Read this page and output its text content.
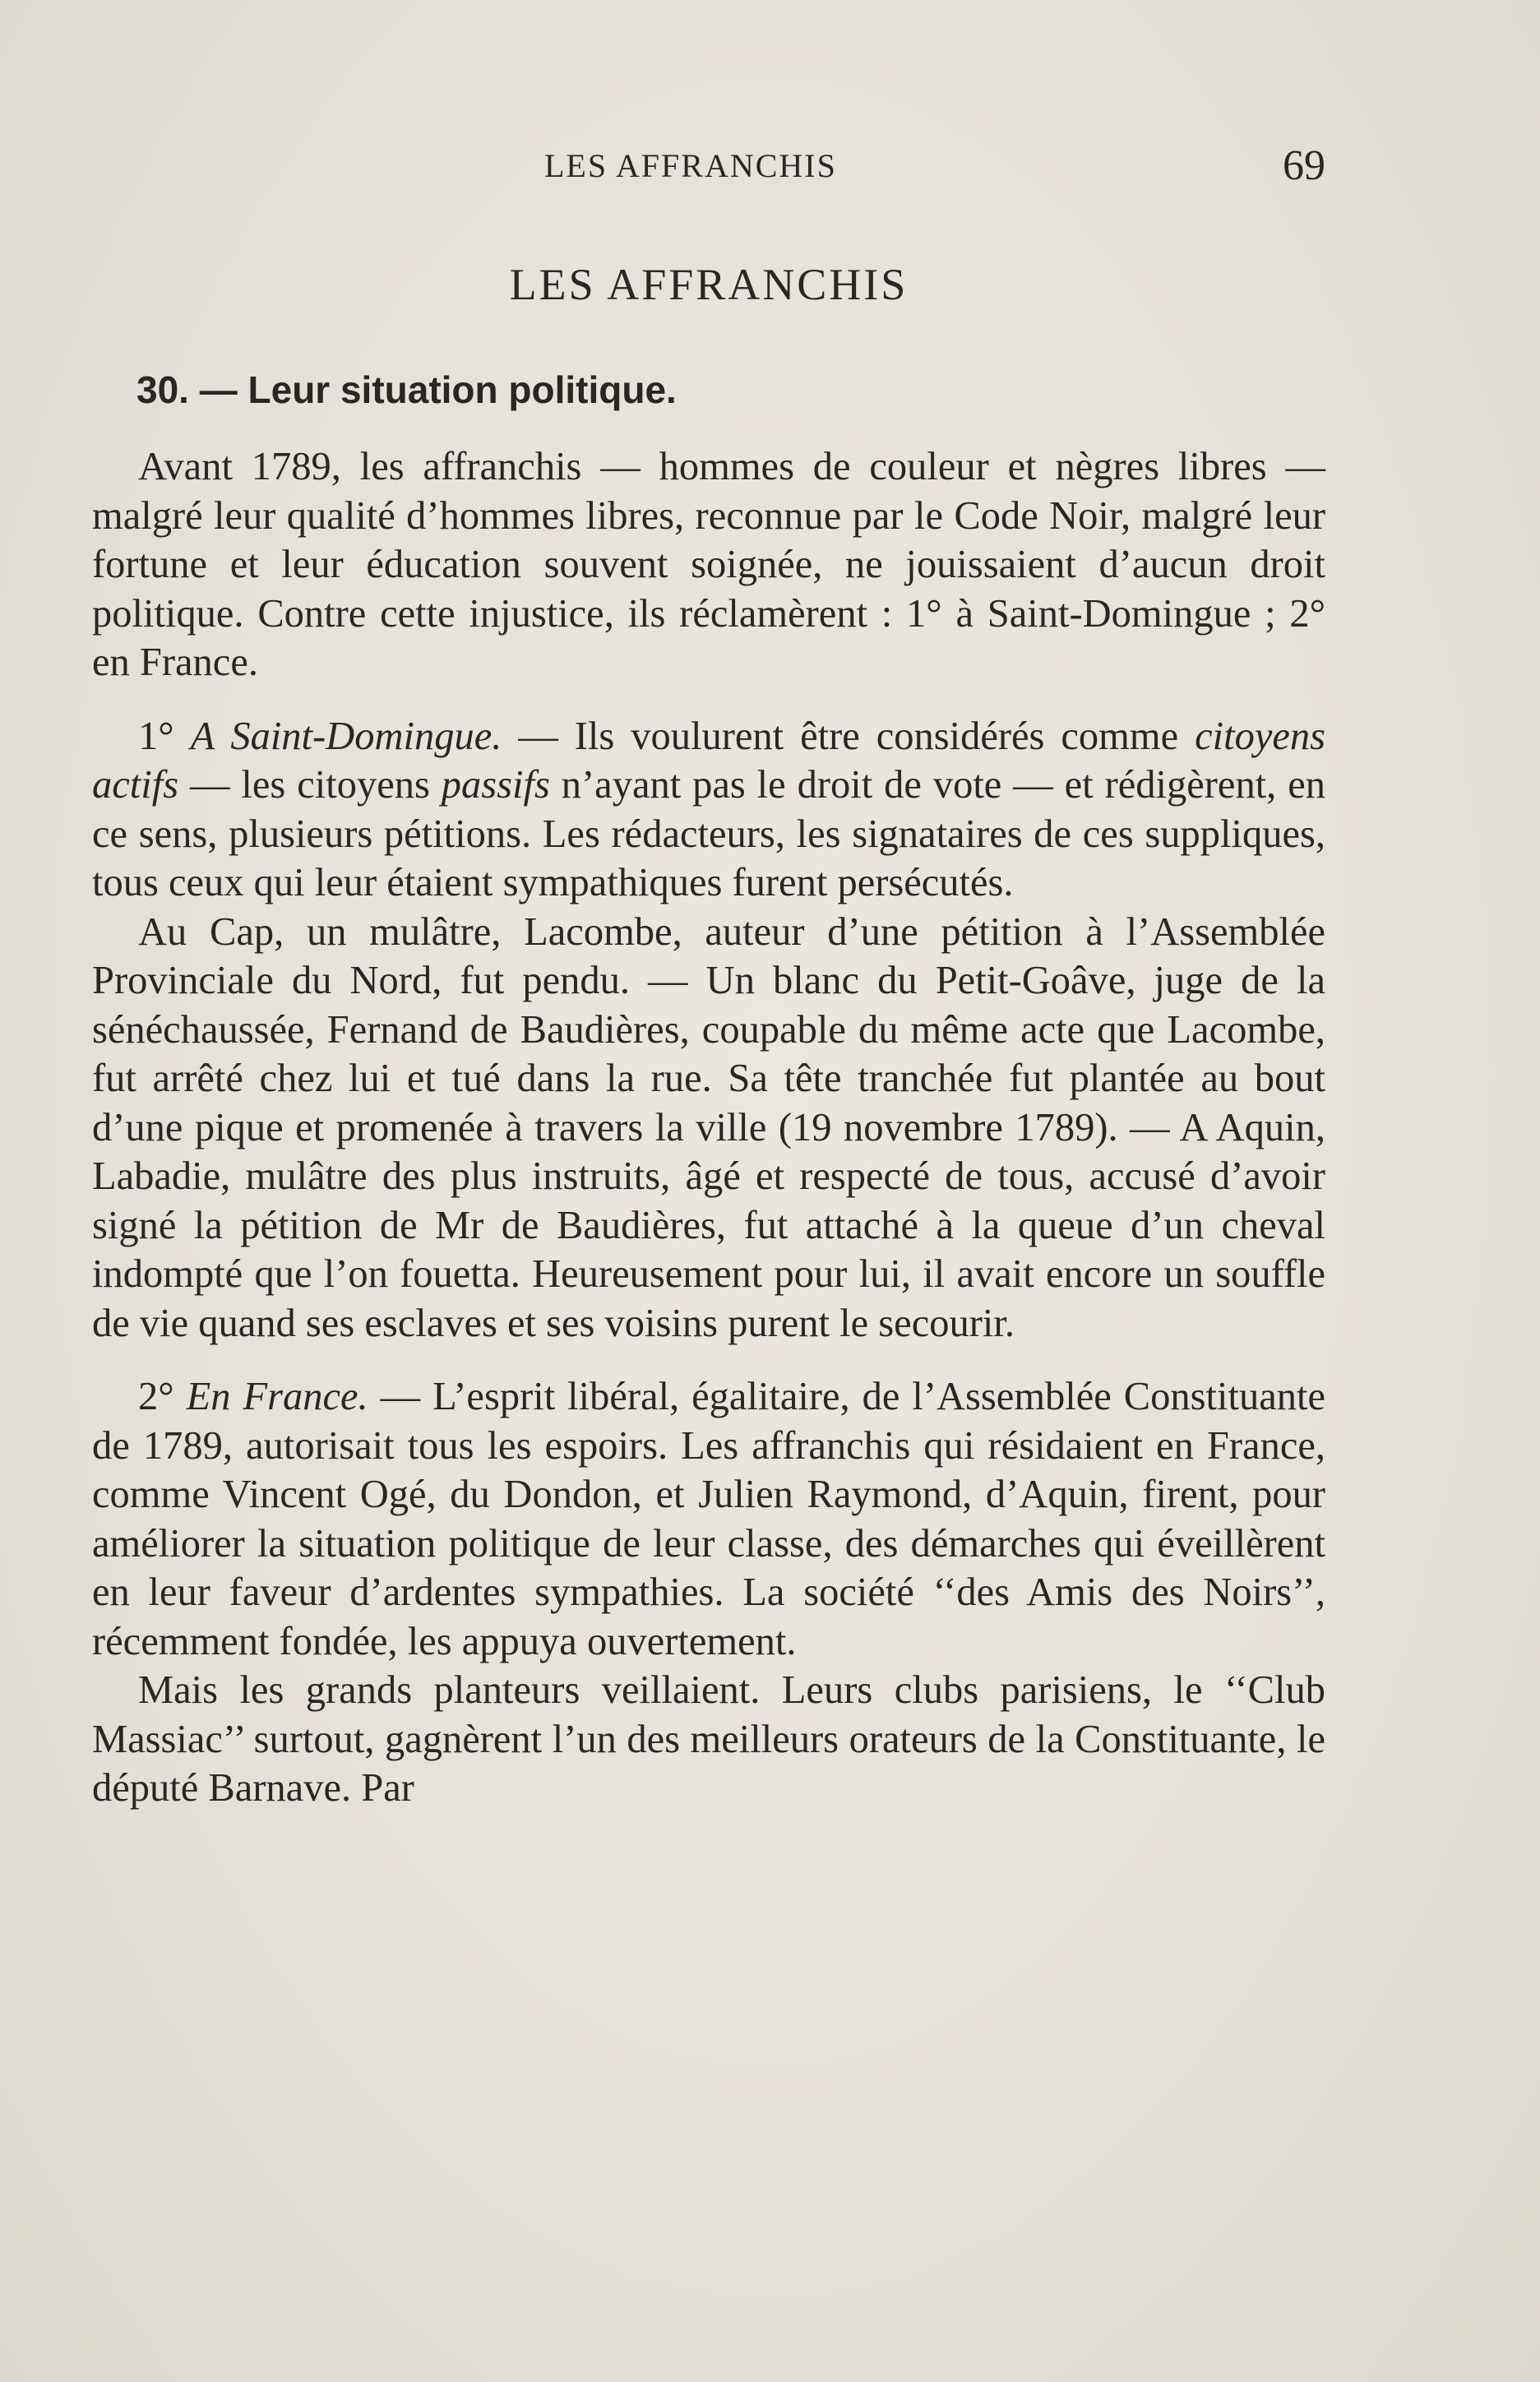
LES AFFRANCHIS	69
LES AFFRANCHIS
30. — Leur situation politique.

Avant 1789, les affranchis — hommes de couleur et nègres libres — malgré leur qualité d’hommes libres, reconnue par le Code Noir, malgré leur fortune et leur éducation souvent soignée, ne jouissaient d’aucun droit politique. Contre cette injustice, ils réclamèrent : 1° à Saint-Domingue ; 2° en France.

1° A Saint-Domingue. — Ils voulurent être considérés comme citoyens actifs — les citoyens passifs n’ayant pas le droit de vote — et rédigèrent, en ce sens, plusieurs pétitions. Les rédacteurs, les signataires de ces suppliques, tous ceux qui leur étaient sympathiques furent persécutés.

Au Cap, un mulâtre, Lacombe, auteur d’une pétition à l’Assemblée Provinciale du Nord, fut pendu. — Un blanc du Petit-Goâve, juge de la sénéchaussée, Fernand de Baudières, coupable du même acte que Lacombe, fut arrêté chez lui et tué dans la rue. Sa tête tranchée fut plantée au bout d’une pique et promenée à travers la ville (19 novembre 1789). — A Aquin, Labadie, mulâtre des plus instruits, âgé et respecté de tous, accusé d’avoir signé la pétition de Mr de Baudières, fut attaché à la queue d’un cheval indompté que l’on fouetta. Heureusement pour lui, il avait encore un souffle de vie quand ses esclaves et ses voisins purent le secourir.

2° En France. — L’esprit libéral, égalitaire, de l’Assemblée Constituante de 1789, autorisait tous les espoirs. Les affranchis qui résidaient en France, comme Vincent Ogé, du Dondon, et Julien Raymond, d’Aquin, firent, pour améliorer la situation politique de leur classe, des démarches qui éveillèrent en leur faveur d’ardentes sympathies. La société ‘‘des Amis des Noirs’’, récemment fondée, les appuya ouvertement.

Mais les grands planteurs veillaient. Leurs clubs parisiens, le ‘‘Club Massiac’’ surtout, gagnèrent l’un des meilleurs orateurs de la Constituante, le député Barnave. Par
